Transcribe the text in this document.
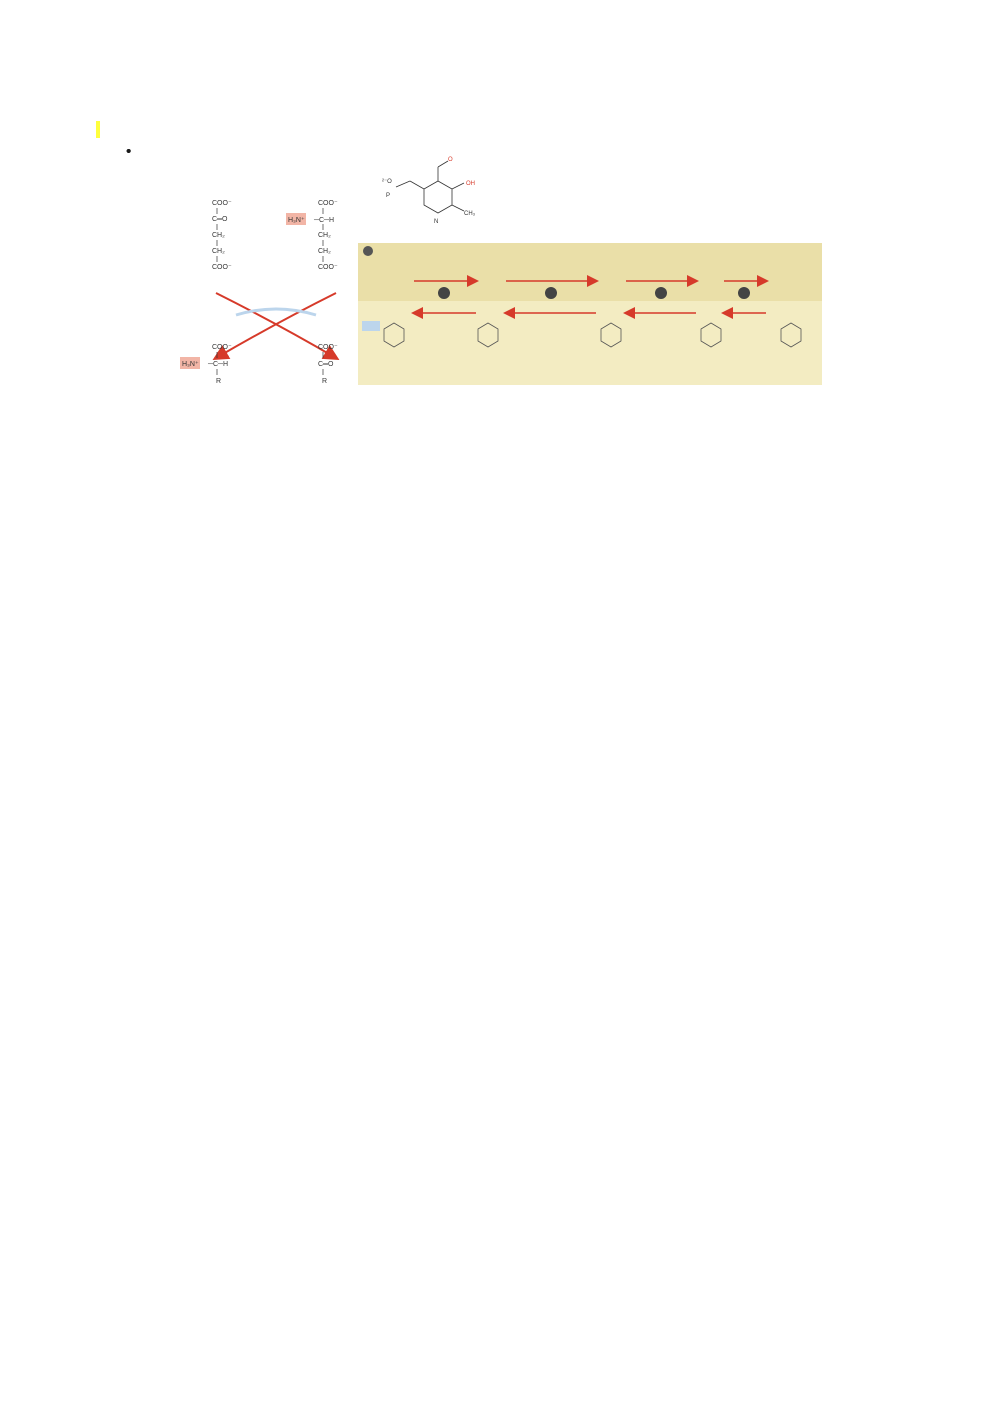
COO⁻
C═O
CH₂
CH₂
COO⁻
H₃N⁺
COO⁻
─C─H
CH₂
CH₂
COO⁻
COO⁻
H₃N⁺ ─C─H
R
COO⁻
C═O
R
²⁻O
P
O
OH
N
CH₃
